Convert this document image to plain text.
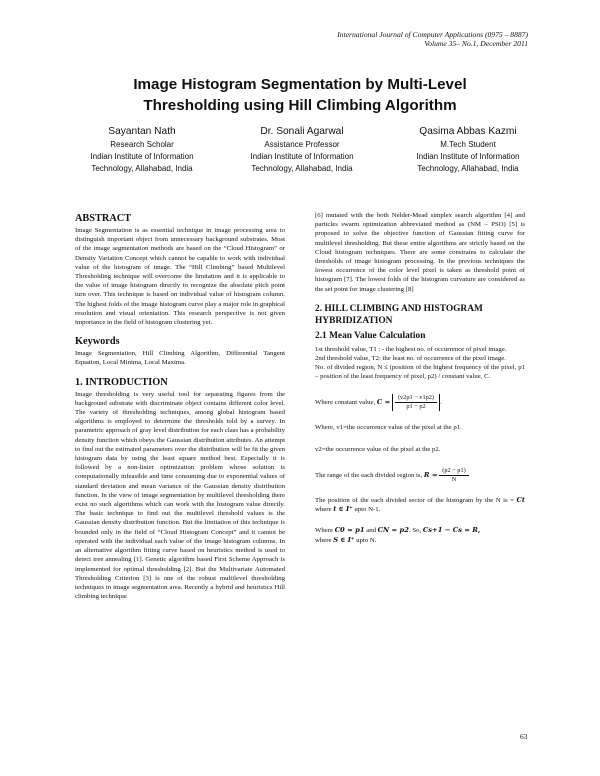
International Journal of Computer Applications (0975 – 8887)
Volume 35– No.1, December 2011
Image Histogram Segmentation by Multi-Level
Thresholding using Hill Climbing Algorithm
Sayantan Nath
Research Scholar
Indian Institute of Information
Technology, Allahabad, India
Dr. Sonali Agarwal
Assistance Professor
Indian Institute of Information
Technology, Allahabad, India
Qasima Abbas Kazmi
M.Tech Student
Indian Institute of Information
Technology, Allahabad, India
ABSTRACT

Image Segmentation is as essential technique in image processing area to distinguish important object from unnecessary background substrates. Most of the image segmentation methods are based on the “Cloud Histogram” or Density Variation Concept which cannot be capable to work with individual value of the histogram of image. The “Hill Climbing” based Multilevel Thresholding technique will overcome the limitation and it is applicable to the value of image histogram directly to recognize the absolute pitch point turn over. This technique is based on individual value of histogram column. The highest folds of the image histogram curve play a major role in graphical resolution and visual orientation. This research perspective is not given importance in the field of histogram clustering yet.

Keywords

Image Segmentation, Hill Climbing Algorithm, Differential Tangent Equation, Local Minima, Local Maxima.

1. INTRODUCTION

Image thresholding is very useful tool for separating figures from the background substrate with discriminate object contains different color level. The variety of thresholding techniques, among global histogram based algorithms is employed to determine the thresholds told by a survey. In parametric approach of gray level distribution for each class has a probability density function which obeys the Gaussian distribution attributes. An attempt to find out the estimated parameters over the distribution will be fit the given histogram data by using the least square method best. Especially it is followed by a non-linier optimization problem whose solution is computationally infeasible and time consuming due to exponential values of standard deviation and mean variance of the Gaussian density distribution function. In the view of image segmentation by multilevel thresholding there exist no such algorithms which can work with the histogram value directly. The basic technique to find out the multilevel threshold values is the Gaussian density distribution function. But the limitation of this technique is bounded only in the field of “Cloud Histogram Concept” and it cannot be operated with the individual each value of the image histogram columns. In an alternative algorithm fitting curve based on heuristics method is used to detect tree annealing [1]. Genetic algorithm based First Scheme Approach is implemented for optimal thresholding [2]. But the Multivariate Automated Thresholding Criterion [3] is one of the robust multilevel thresholding techniques in image segmentation area. Recently a hybrid and heuristics Hill climbing technique

[6] mutated with the both Nelder-Mead simplex search algorithm [4] and particles swarm optimization abbreviated method as (NM – PSO) [5] is proposed to solve the objective function of Gaussian fitting curve for multilevel thresholding. But these entire algorithms are strictly based on the Cloud histogram techniques. There are some constrains to calculate the thresholds of image histogram processing. In the previous techniques the lowest occurrence of the color level pixel is taken as threshold point of histogram [7]. The lowest folds of the histogram curvature are considered as the set point for image clustering [8]

2. HILL CLIMBING AND HISTOGRAM
HYBRIDIZATION
2.1 Mean Value Calculation

1st threshold value, T1 : - the highest no. of occurrence of pixel image.

2nd threshold value, T2: the least no. of occurrence of the pixel image.

No. of divided region, N ≤ (position of the highest frequency of the pixel, p1 – position of the least frequency of pixel, p2) / constant value, C.

Where constant value, $C = \frac{(v2p1 - v1p2)}{p1 - p2}$ .

Where, v1=the occurrence value of the pixel at the p1.

v2=the occurrence value of the pixel at the p2.

The range of the each divided region is, $R = \frac{(p2 - p1)}{N}$

The position of the each divided sector of the histogram by the N is = Ct where t ∈ I⁺ upto N-1.

Where C0 = p1 and CN = p2. So, Cs+1 − Cs = R,
where S ∈ I⁺ upto N.

63
